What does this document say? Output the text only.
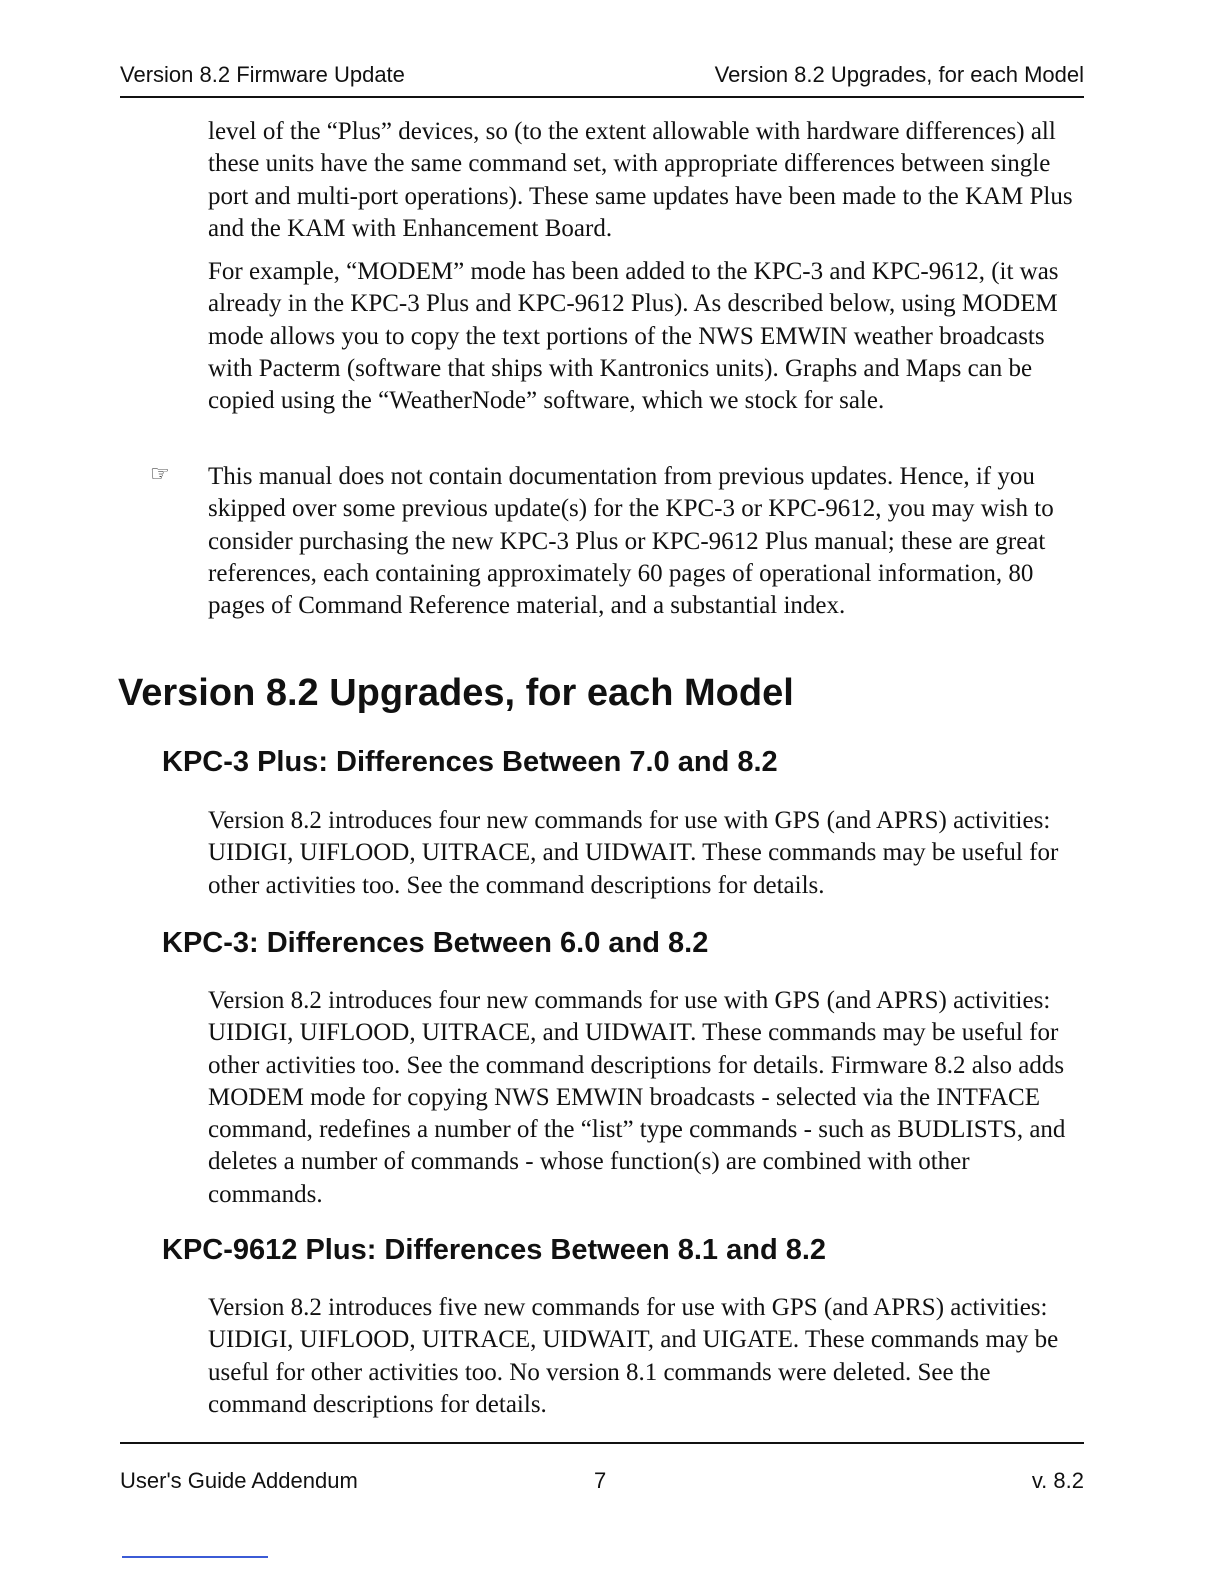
Version 8.2 Firmware Update	Version 8.2 Upgrades, for each Model

level of the “Plus” devices, so (to the extent allowable with hardware differences) all these units have the same command set, with appropriate differences between single port and multi-port operations). These same updates have been made to the KAM Plus and the KAM with Enhancement Board.

For example, “MODEM” mode has been added to the KPC-3 and KPC-9612, (it was already in the KPC-3 Plus and KPC-9612 Plus). As described below, using MODEM mode allows you to copy the text portions of the NWS EMWIN weather broadcasts with Pacterm (software that ships with Kantronics units). Graphs and Maps can be copied using the “WeatherNode” software, which we stock for sale.

☞ This manual does not contain documentation from previous updates. Hence, if you skipped over some previous update(s) for the KPC-3 or KPC-9612, you may wish to consider purchasing the new KPC-3 Plus or KPC-9612 Plus manual; these are great references, each containing approximately 60 pages of operational information, 80 pages of Command Reference material, and a substantial index.

Version 8.2 Upgrades, for each Model
KPC-3 Plus: Differences Between 7.0 and 8.2

Version 8.2 introduces four new commands for use with GPS (and APRS) activities: UIDIGI, UIFLOOD, UITRACE, and UIDWAIT. These commands may be useful for other activities too. See the command descriptions for details.

KPC-3: Differences Between 6.0 and 8.2

Version 8.2 introduces four new commands for use with GPS (and APRS) activities: UIDIGI, UIFLOOD, UITRACE, and UIDWAIT. These commands may be useful for other activities too. See the command descriptions for details. Firmware 8.2 also adds MODEM mode for copying NWS EMWIN broadcasts - selected via the INTFACE command, redefines a number of the “list” type commands - such as BUDLISTS, and deletes a number of commands - whose function(s) are combined with other commands.

KPC-9612 Plus: Differences Between 8.1 and 8.2

Version 8.2 introduces five new commands for use with GPS (and APRS) activities: UIDIGI, UIFLOOD, UITRACE, UIDWAIT, and UIGATE. These commands may be useful for other activities too. No version 8.1 commands were deleted. See the command descriptions for details.

User's Guide Addendum	7	v. 8.2
